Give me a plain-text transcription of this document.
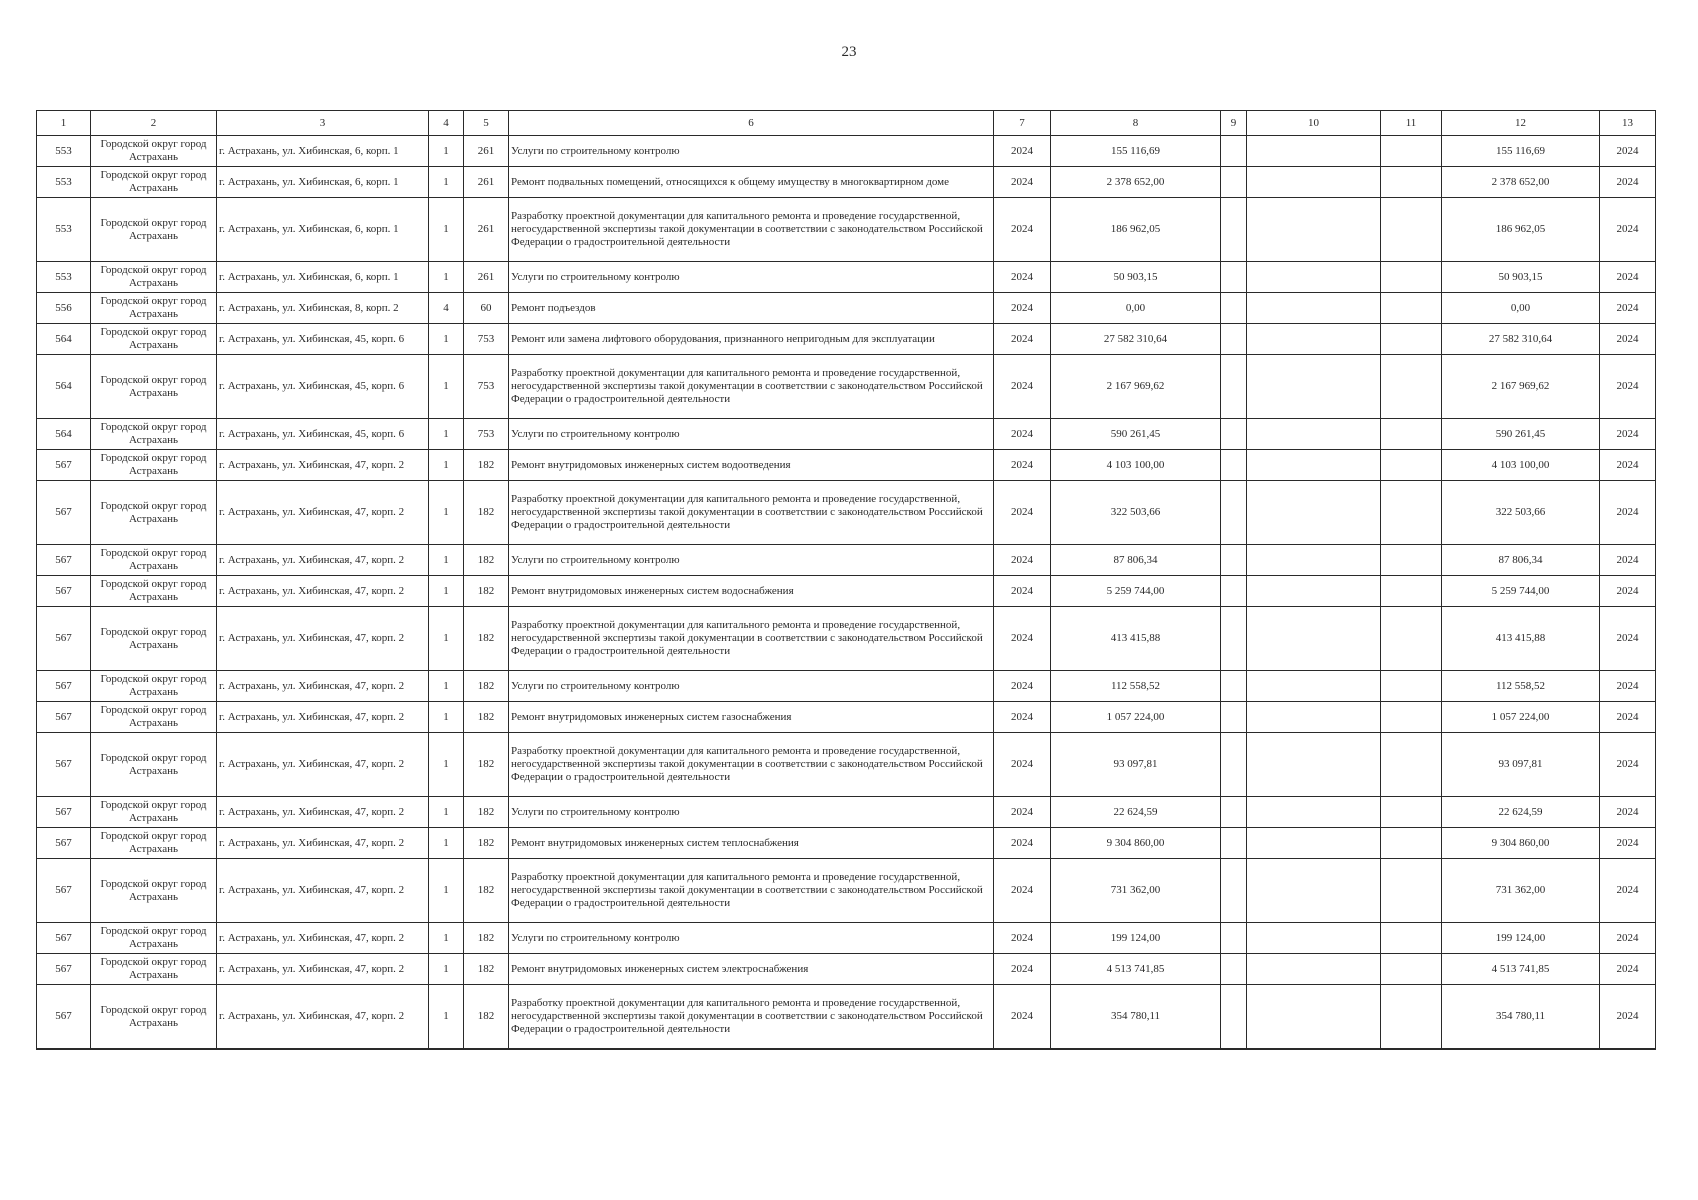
23
1	2	3	4	5	6	7	8	9	10	11	12	13
553	Городской округ город Астрахань	г. Астрахань, ул. Хибинская, 6, корп. 1	1	261	Услуги по строительному контролю	2024	155 116,69				155 116,69	2024
553	Городской округ город Астрахань	г. Астрахань, ул. Хибинская, 6, корп. 1	1	261	Ремонт подвальных помещений, относящихся к общему имуществу в многоквартирном доме	2024	2 378 652,00				2 378 652,00	2024
553	Городской округ город Астрахань	г. Астрахань, ул. Хибинская, 6, корп. 1	1	261	Разработку проектной документации для капитального ремонта и проведение государственной, негосударственной экспертизы такой документации в соответствии с законодательством Российской Федерации о градостроительной деятельности	2024	186 962,05				186 962,05	2024
553	Городской округ город Астрахань	г. Астрахань, ул. Хибинская, 6, корп. 1	1	261	Услуги по строительному контролю	2024	50 903,15				50 903,15	2024
556	Городской округ город Астрахань	г. Астрахань, ул. Хибинская, 8, корп. 2	4	60	Ремонт подъездов	2024	0,00				0,00	2024
564	Городской округ город Астрахань	г. Астрахань, ул. Хибинская, 45, корп. 6	1	753	Ремонт или замена лифтового оборудования, признанного непригодным для эксплуатации	2024	27 582 310,64				27 582 310,64	2024
564	Городской округ город Астрахань	г. Астрахань, ул. Хибинская, 45, корп. 6	1	753	Разработку проектной документации для капитального ремонта и проведение государственной, негосударственной экспертизы такой документации в соответствии с законодательством Российской Федерации о градостроительной деятельности	2024	2 167 969,62				2 167 969,62	2024
564	Городской округ город Астрахань	г. Астрахань, ул. Хибинская, 45, корп. 6	1	753	Услуги по строительному контролю	2024	590 261,45				590 261,45	2024
567	Городской округ город Астрахань	г. Астрахань, ул. Хибинская, 47, корп. 2	1	182	Ремонт внутридомовых инженерных систем водоотведения	2024	4 103 100,00				4 103 100,00	2024
567	Городской округ город Астрахань	г. Астрахань, ул. Хибинская, 47, корп. 2	1	182	Разработку проектной документации для капитального ремонта и проведение государственной, негосударственной экспертизы такой документации в соответствии с законодательством Российской Федерации о градостроительной деятельности	2024	322 503,66				322 503,66	2024
567	Городской округ город Астрахань	г. Астрахань, ул. Хибинская, 47, корп. 2	1	182	Услуги по строительному контролю	2024	87 806,34				87 806,34	2024
567	Городской округ город Астрахань	г. Астрахань, ул. Хибинская, 47, корп. 2	1	182	Ремонт внутридомовых инженерных систем водоснабжения	2024	5 259 744,00				5 259 744,00	2024
567	Городской округ город Астрахань	г. Астрахань, ул. Хибинская, 47, корп. 2	1	182	Разработку проектной документации для капитального ремонта и проведение государственной, негосударственной экспертизы такой документации в соответствии с законодательством Российской Федерации о градостроительной деятельности	2024	413 415,88				413 415,88	2024
567	Городской округ город Астрахань	г. Астрахань, ул. Хибинская, 47, корп. 2	1	182	Услуги по строительному контролю	2024	112 558,52				112 558,52	2024
567	Городской округ город Астрахань	г. Астрахань, ул. Хибинская, 47, корп. 2	1	182	Ремонт внутридомовых инженерных систем газоснабжения	2024	1 057 224,00				1 057 224,00	2024
567	Городской округ город Астрахань	г. Астрахань, ул. Хибинская, 47, корп. 2	1	182	Разработку проектной документации для капитального ремонта и проведение государственной, негосударственной экспертизы такой документации в соответствии с законодательством Российской Федерации о градостроительной деятельности	2024	93 097,81				93 097,81	2024
567	Городской округ город Астрахань	г. Астрахань, ул. Хибинская, 47, корп. 2	1	182	Услуги по строительному контролю	2024	22 624,59				22 624,59	2024
567	Городской округ город Астрахань	г. Астрахань, ул. Хибинская, 47, корп. 2	1	182	Ремонт внутридомовых инженерных систем теплоснабжения	2024	9 304 860,00				9 304 860,00	2024
567	Городской округ город Астрахань	г. Астрахань, ул. Хибинская, 47, корп. 2	1	182	Разработку проектной документации для капитального ремонта и проведение государственной, негосударственной экспертизы такой документации в соответствии с законодательством Российской Федерации о градостроительной деятельности	2024	731 362,00				731 362,00	2024
567	Городской округ город Астрахань	г. Астрахань, ул. Хибинская, 47, корп. 2	1	182	Услуги по строительному контролю	2024	199 124,00				199 124,00	2024
567	Городской округ город Астрахань	г. Астрахань, ул. Хибинская, 47, корп. 2	1	182	Ремонт внутридомовых инженерных систем электроснабжения	2024	4 513 741,85				4 513 741,85	2024
567	Городской округ город Астрахань	г. Астрахань, ул. Хибинская, 47, корп. 2	1	182	Разработку проектной документации для капитального ремонта и проведение государственной, негосударственной экспертизы такой документации в соответствии с законодательством Российской Федерации о градостроительной деятельности	2024	354 780,11				354 780,11	2024
